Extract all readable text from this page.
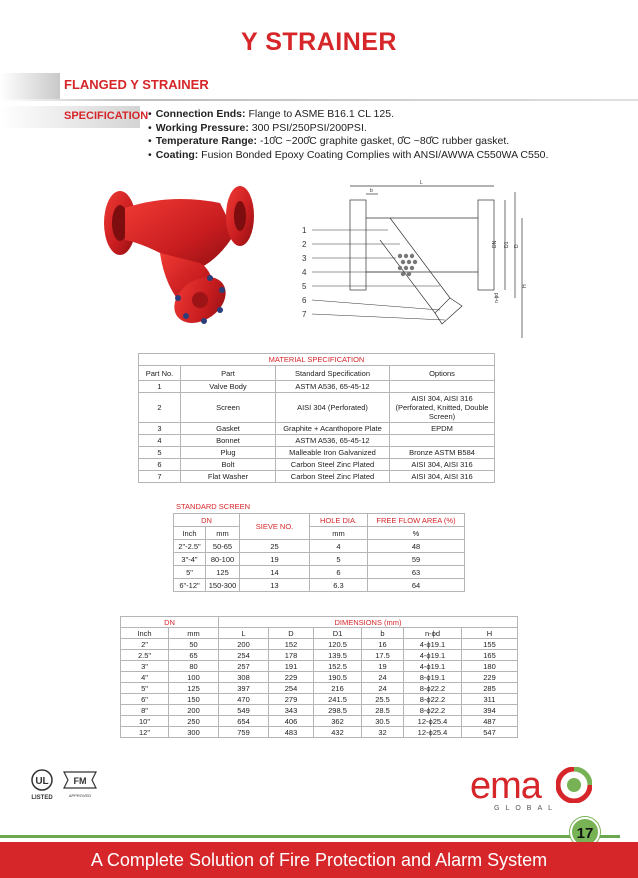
Y STRAINER
FLANGED Y STRAINER
SPECIFICATION • Connection Ends: Flange to ASME B16.1 CL 125.
• Working Pressure: 300 PSI/250PSI/200PSI.
• Temperature Range: -10̊C ~200̊C graphite gasket, 0̊C ~80̊C rubber gasket.
• Coating: Fusion Bonded Epoxy Coating Complies with ANSI/AWWA C550WA C550.
1
2
3
4
5
6
7
L
b
DN D1 D
n-ϕd
H
MATERIAL SPECIFICATION			
Part No.	Part	Standard Specification	Options
1	Valve Body	ASTM A536, 65-45-12	
2	Screen	AISI 304 (Perforated)	AISI 304, AISI 316 (Perforated, Knitted, Double Screen)
3	Gasket	Graphite + Acanthopore Plate	EPDM
4	Bonnet	ASTM A536, 65-45-12	
5	Plug	Malleable Iron Galvanized	Bronze ASTM B584
6	Bolt	Carbon Steel Zinc Plated	AISI 304, AISI 316
7	Flat Washer	Carbon Steel Zinc Plated	AISI 304, AISI 316
STANDARD SCREEN
DN		SIEVE NO.	HOLE DIA.	FREE FLOW AREA (%)
Inch	mm		mm	%
2"-2.5"	50-65	25	4	48
3"-4"	80-100	19	5	59
5"	125	14	6	63
6"-12"	150-300	13	6.3	64
DN		DIMENSIONS (mm)					
Inch	mm	L	D	D1	b	n-ϕd	H
2"	50	200	152	120.5	16	4-ϕ19.1	155
2.5"	65	254	178	139.5	17.5	4-ϕ19.1	165
3"	80	257	191	152.5	19	4-ϕ19.1	180
4"	100	308	229	190.5	24	8-ϕ19.1	229
5"	125	397	254	216	24	8-ϕ22.2	285
6"	150	470	279	241.5	25.5	8-ϕ22.2	311
8"	200	549	343	298.5	28.5	8-ϕ22.2	394
10"	250	654	406	362	30.5	12-ϕ25.4	487
12"	300	759	483	432	32	12-ϕ25.4	547
UL
LISTED
FM
APPROVED	ema
GLOBAL
17
A Complete Solution of Fire Protection and Alarm System
